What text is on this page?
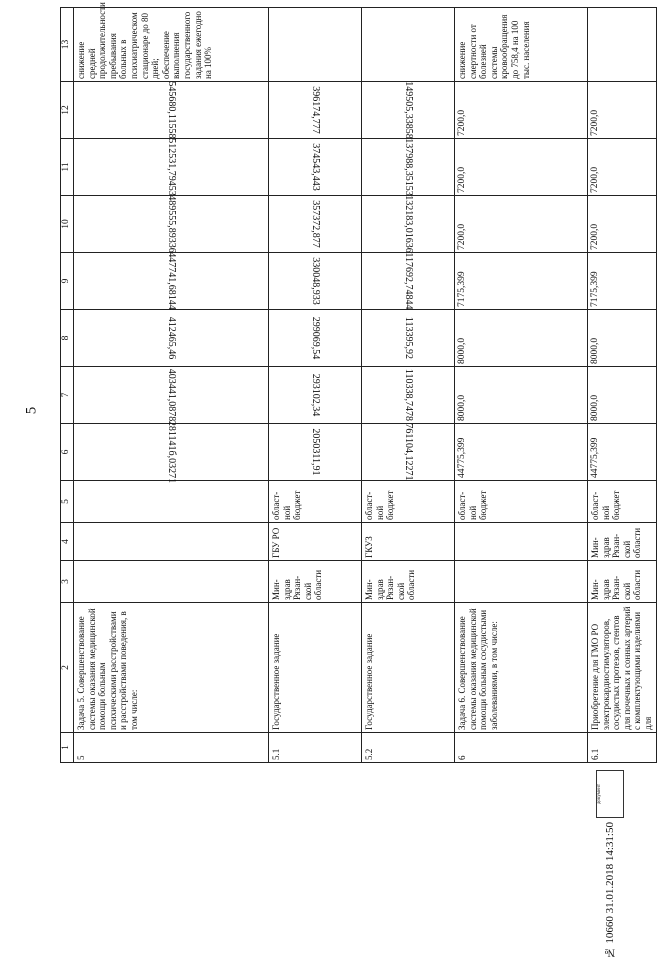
5
1	2	3	4	5	6	7	8	9	10	11	12	13
5	Задача 5. Совершенствование системы оказания медицинской помощи больным психическими расстройствами и расстройствами поведения, в том числе:				281141б,03271	403441,0878	412465,46	447741,68144	489555,89336	512531,79453	545680,11558	снижение средней продолжительности пребывания больных в психиатрическом стационаре до 80 дней; обеспечение выполнения государственного задания ежегодно на 100%
5.1	Государственное задание	Мин-здрав Рязан-ской области	ГБУ РО	област-ной бюджет	2050311,91	293102,34	299069,54	330048,933	357372,877	374543,443	396174,777	

5.2	Государственное задание	Мин-здрав Рязан-ской области	ГКУЗ	област-ной бюджет	761104,12271	110338,7478	113395,92	117692,74844	132183,01636	137988,35153	149505,33858	

6	Задача 6. Совершенствование системы оказания медицинской помощи больным сосудистыми заболеваниями, в том числе:			област-ной бюджет	44775,399	8000,0	8000,0	7175,399	7200,0	7200,0	7200,0	снижение смертности от болезней системы кровообращения до 758,4 на 100 тыс. населения
6.1	Приобретение для ГМО РО электрокардиостимуляторов, сосудистых протезов, стентов для почечных и сонных артерий с комплектующими изделиями для	Мин-здрав Рязан-ской области	Мин-здрав Рязан-ской области	област-ной бюджет	44775,399	8000,0	8000,0	7175,399	7200,0	7200,0	7200,0	
документ
№ 10660 31.01.2018 14:31:50
